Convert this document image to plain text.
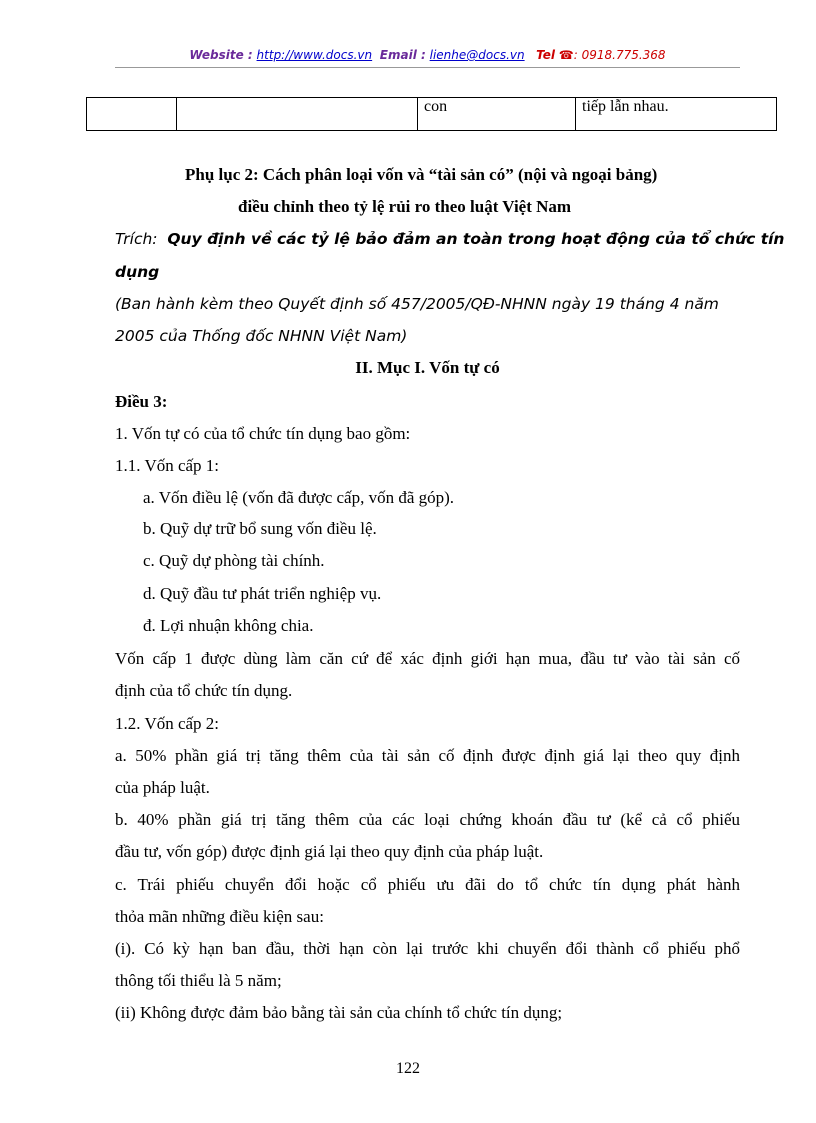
Website : http://www.docs.vn Email : lienhe@docs.vn Tel ☎: 0918.775.368
		con	tiếp lẫn nhau.
Phụ lục 2: Cách phân loại vốn và “tài sản có” (nội và ngoại bảng)
điều chỉnh theo tỷ lệ rủi ro theo luật Việt Nam
Trích: Quy định về các tỷ lệ bảo đảm an toàn trong hoạt động của tổ chức tín
dụng
(Ban hành kèm theo Quyết định số 457/2005/QĐ-NHNN ngày 19 tháng 4 năm
2005 của Thống đốc NHNN Việt Nam)
II. Mục I. Vốn tự có
Điều 3:
1. Vốn tự có của tổ chức tín dụng bao gồm:
1.1. Vốn cấp 1:
a. Vốn điều lệ (vốn đã được cấp, vốn đã góp).
b. Quỹ dự trữ bổ sung vốn điều lệ.
c. Quỹ dự phòng tài chính.
d. Quỹ đầu tư phát triển nghiệp vụ.
đ. Lợi nhuận không chia.
Vốn cấp 1 được dùng làm căn cứ để xác định giới hạn mua, đầu tư vào tài sản cố
định của tổ chức tín dụng.
1.2. Vốn cấp 2:
a. 50% phần giá trị tăng thêm của tài sản cố định được định giá lại theo quy định
của pháp luật.
b. 40% phần giá trị tăng thêm của các loại chứng khoán đầu tư (kể cả cổ phiếu
đầu tư, vốn góp) được định giá lại theo quy định của pháp luật.
c. Trái phiếu chuyển đổi hoặc cổ phiếu ưu đãi do tổ chức tín dụng phát hành
thỏa mãn những điều kiện sau:
(i). Có kỳ hạn ban đầu, thời hạn còn lại trước khi chuyển đổi thành cổ phiếu phổ
thông tối thiểu là 5 năm;
(ii) Không được đảm bảo bằng tài sản của chính tổ chức tín dụng;
122
